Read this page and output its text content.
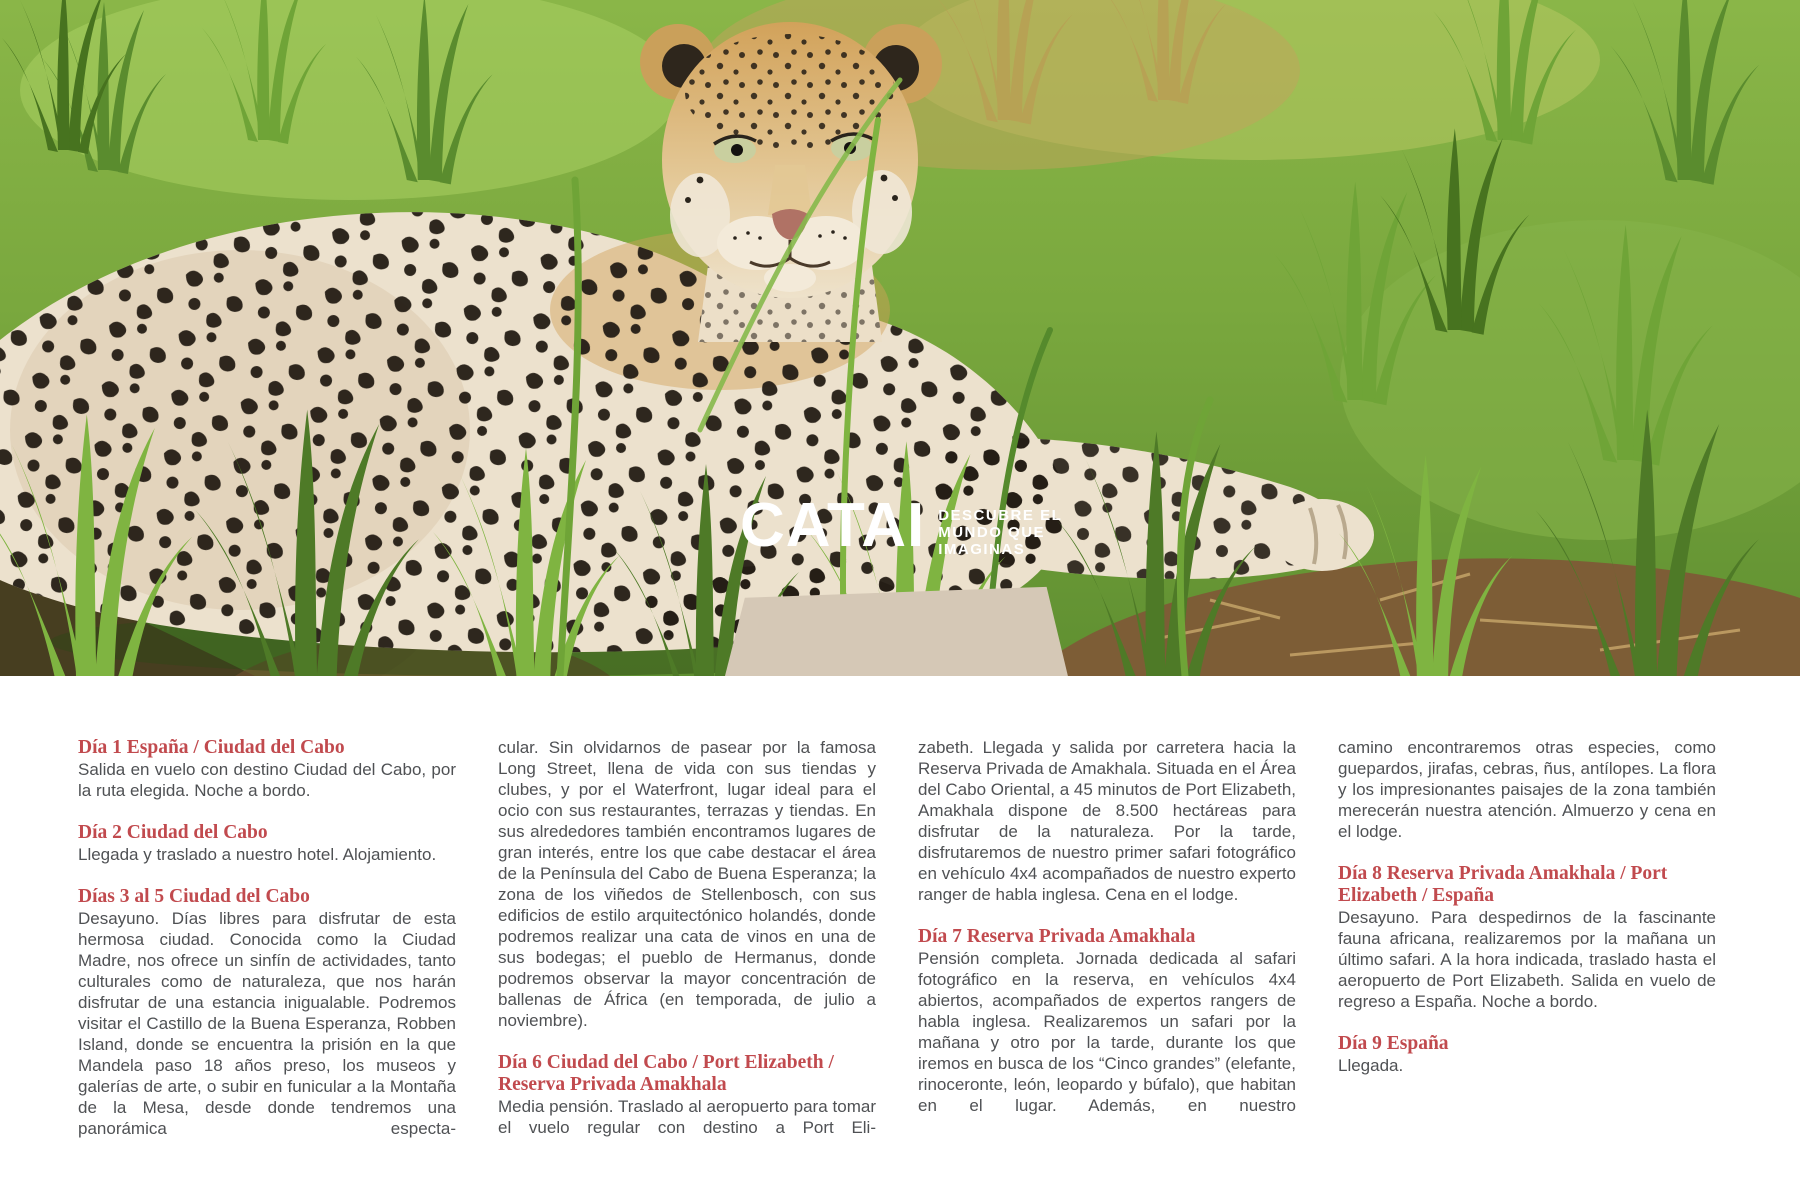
CATAI DESCUBRE EL
MUNDO QUE
IMAGINAS
Día 1 España / Ciudad del Cabo

Salida en vuelo con destino Ciudad del Cabo, por la ruta elegida. Noche a bordo.

Día 2 Ciudad del Cabo

Llegada y traslado a nuestro hotel. Alojamiento.

Días 3 al 5 Ciudad del Cabo

Desayuno. Días libres para disfrutar de esta hermosa ciudad. Conocida como la Ciudad Madre, nos ofrece un sinfín de actividades, tanto culturales como de naturaleza, que nos harán disfrutar de una estancia inigualable. Podremos visitar el Castillo de la Buena Esperanza, Robben Island, donde se encuentra la prisión en la que Mandela paso 18 años preso, los museos y galerías de arte, o subir en funicular a la Montaña de la Mesa, desde donde tendremos una panorámica especta-

cular. Sin olvidarnos de pasear por la famosa Long Street, llena de vida con sus tiendas y clubes, y por el Waterfront, lugar ideal para el ocio con sus restaurantes, terrazas y tiendas. En sus alrededores también encontramos lugares de gran interés, entre los que cabe destacar el área de la Península del Cabo de Buena Esperanza; la zona de los viñedos de Stellenbosch, con sus edificios de estilo arquitectónico holandés, donde podremos realizar una cata de vinos en una de sus bodegas; el pueblo de Hermanus, donde podremos observar la mayor concentración de ballenas de África (en temporada, de julio a noviembre).

Día 6 Ciudad del Cabo / Port Elizabeth / Reserva Privada Amakhala

Media pensión. Traslado al aeropuerto para tomar el vuelo regular con destino a Port Eli-

zabeth. Llegada y salida por carretera hacia la Reserva Privada de Amakhala. Situada en el Área del Cabo Oriental, a 45 minutos de Port Elizabeth, Amakhala dispone de 8.500 hectáreas para disfrutar de la naturaleza. Por la tarde, disfrutaremos de nuestro primer safari fotográfico en vehículo 4x4 acompañados de nuestro experto ranger de habla inglesa. Cena en el lodge.

Día 7 Reserva Privada Amakhala

Pensión completa. Jornada dedicada al safari fotográfico en la reserva, en vehículos 4x4 abiertos, acompañados de expertos rangers de habla inglesa. Realizaremos un safari por la mañana y otro por la tarde, durante los que iremos en busca de los “Cinco grandes” (elefante, rinoceronte, león, leopardo y búfalo), que habitan en el lugar. Además, en nuestro

camino encontraremos otras especies, como guepardos, jirafas, cebras, ñus, antílopes. La flora y los impresionantes paisajes de la zona también merecerán nuestra atención. Almuerzo y cena en el lodge.

Día 8 Reserva Privada Amakhala / Port Elizabeth / España

Desayuno. Para despedirnos de la fascinante fauna africana, realizaremos por la mañana un último safari. A la hora indicada, traslado hasta el aeropuerto de Port Elizabeth. Salida en vuelo de regreso a España. Noche a bordo.

Día 9 España

Llegada.
